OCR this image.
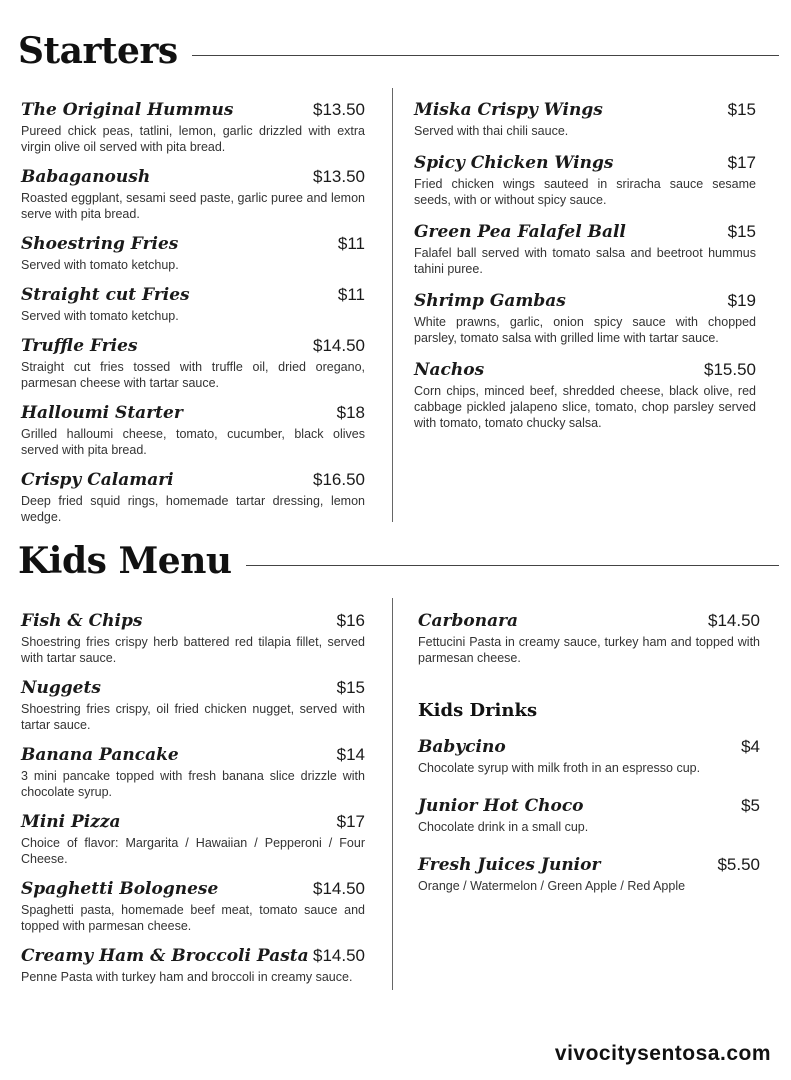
Starters
The Original Hummus	$13.50
Pureed chick peas, tatlini, lemon, garlic drizzled with extra virgin olive oil served with pita bread.
Babaganoush	$13.50
Roasted eggplant, sesami seed paste, garlic puree and lemon serve with pita bread.
Shoestring Fries	$11
Served with tomato ketchup.
Straight cut Fries	$11
Served with tomato ketchup.
Truffle Fries	$14.50
Straight cut fries tossed with truffle oil, dried oregano, parmesan cheese with tartar sauce.
Halloumi Starter	$18
Grilled halloumi cheese, tomato, cucumber, black olives served with pita bread.
Crispy Calamari	$16.50
Deep fried squid rings, homemade tartar dressing, lemon wedge.
Miska Crispy Wings	$15
Served with thai chili sauce.
Spicy Chicken Wings	$17
Fried chicken wings sauteed in sriracha sauce sesame seeds, with or without spicy sauce.
Green Pea Falafel Ball	$15
Falafel ball served with tomato salsa and beetroot hummus tahini puree.
Shrimp Gambas	$19
White prawns, garlic, onion spicy sauce with chopped parsley, tomato salsa with grilled lime with tartar sauce.
Nachos	$15.50
Corn chips, minced beef, shredded cheese, black olive, red cabbage pickled jalapeno slice, tomato, chop parsley served with tomato, tomato chucky salsa.
Kids Menu
Fish & Chips	$16
Shoestring fries crispy herb battered red tilapia fillet, served with tartar sauce.
Nuggets	$15
Shoestring fries crispy, oil fried chicken nugget, served with tartar sauce.
Banana Pancake	$14
3 mini pancake topped with fresh banana slice drizzle with chocolate syrup.
Mini Pizza	$17
Choice of flavor: Margarita / Hawaiian / Pepperoni / Four Cheese.
Spaghetti Bolognese	$14.50
Spaghetti pasta, homemade beef meat, tomato sauce and topped with parmesan cheese.
Creamy Ham & Broccoli Pasta $14.50
Penne Pasta with turkey ham and broccoli in creamy sauce.
Carbonara	$14.50
Fettucini Pasta in creamy sauce, turkey ham and topped with parmesan cheese.
Kids Drinks
Babycino	$4
Chocolate syrup with milk froth in an espresso cup.
Junior Hot Choco	$5
Chocolate drink in a small cup.
Fresh Juices Junior	$5.50
Orange / Watermelon / Green Apple / Red Apple
vivocitysentosa.com
